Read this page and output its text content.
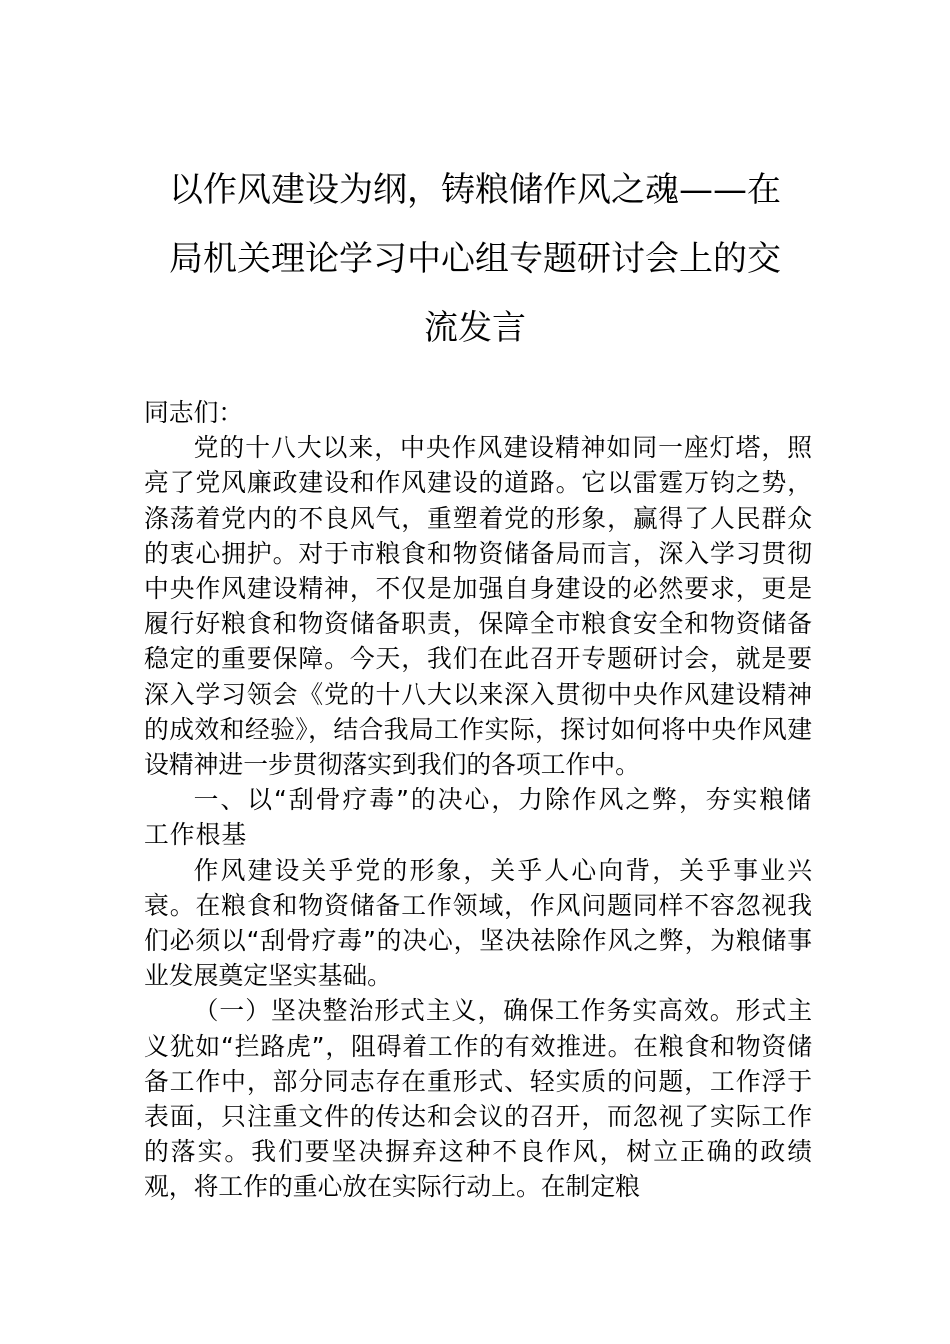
以作风建设为纲，铸粮储作风之魂——在
局机关理论学习中心组专题研讨会上的交
流发言

同志们：

党的十八大以来，中央作风建设精神如同一座灯塔，照亮了党风廉政建设和作风建设的道路。它以雷霆万钧之势，涤荡着党内的不良风气，重塑着党的形象，赢得了人民群众的衷心拥护。对于市粮食和物资储备局而言，深入学习贯彻中央作风建设精神，不仅是加强自身建设的必然要求，更是履行好粮食和物资储备职责，保障全市粮食安全和物资储备稳定的重要保障。今天，我们在此召开专题研讨会，就是要深入学习领会《党的十八大以来深入贯彻中央作风建设精神的成效和经验》，结合我局工作实际，探讨如何将中央作风建设精神进一步贯彻落实到我们的各项工作中。

一、以“刮骨疗毒”的决心，力除作风之弊，夯实粮储工作根基

作风建设关乎党的形象，关乎人心向背，关乎事业兴衰。在粮食和物资储备工作领域，作风问题同样不容忽视我们必须以“刮骨疗毒”的决心，坚决祛除作风之弊，为粮储事业发展奠定坚实基础。

（一）坚决整治形式主义，确保工作务实高效。形式主义犹如“拦路虎”，阻碍着工作的有效推进。在粮食和物资储备工作中，部分同志存在重形式、轻实质的问题，工作浮于表面，只注重文件的传达和会议的召开，而忽视了实际工作的落实。我们要坚决摒弃这种不良作风，树立正确的政绩观，将工作的重心放在实际行动上。在制定粮
